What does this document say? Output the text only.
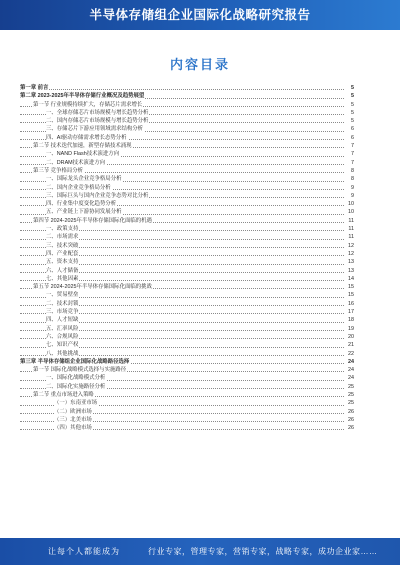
半导体存储组企业国际化战略研究报告
内容目录
第一章 前言	5
第二章 2023-2025年半导体存储行业概况及趋势展望	5
第一节 行业规模持续扩大，存储芯片需求增长	5
一、全球存储芯片市场规模与增长趋势分析	5
二、国内存储芯片市场规模与增长趋势分析	5
三、存储芯片下游应用领域需求结构分析	6
四、AI驱动存储需求增长态势分析	6
第二节 技术迭代加速，新型存储技术涌现	7
一、NAND Flash技术演进方向	7
二、DRAM技术演进方向	7
第三节 竞争格局分析	8
一、国际龙头企业竞争格局分析	8
二、国内企业竞争格局分析	9
三、国际巨头与国内企业竞争态势对比分析	9
四、行业集中度变化趋势分析	10
五、产业链上下游协同发展分析	10
第四节 2024-2025年半导体存储国际化面临的机遇	11
一、政策支持	11
二、市场需求	11
三、技术突破	12
四、产业配套	12
五、资本支持	13
六、人才储备	13
七、其他因素	14
第五节 2024-2025年半导体存储国际化面临的挑战	15
一、贸易壁垒	15
二、技术封锁	16
三、市场竞争	17
四、人才短缺	18
五、汇率风险	19
六、合规风险	20
七、知识产权	21
八、其他挑战	22
第三章 半导体存储组企业国际化战略路径选择	24
第一节 国际化战略模式选择与实施路径	24
一、国际化战略模式分析	24
二、国际化实施路径分析	25
第二节 重点市场进入策略	25
（一）东南亚市场	25
（二）欧洲市场	26
（三）北美市场	26
（四）其他市场	26
让每个人都能成为	行业专家，管理专家，营销专家，战略专家，成功企业家……
